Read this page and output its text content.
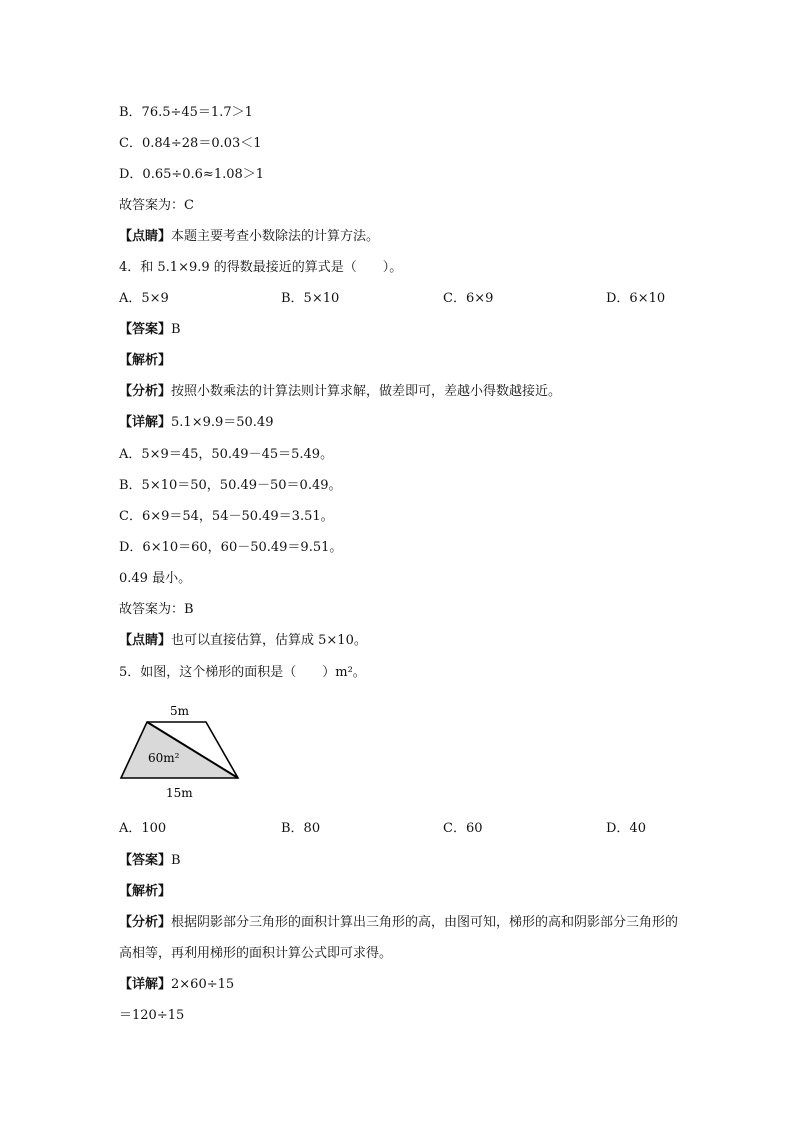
B．76.5÷45＝1.7＞1
C．0.84÷28＝0.03＜1
D．0.65÷0.6≈1.08＞1
故答案为：C
【点睛】本题主要考查小数除法的计算方法。
4．和 5.1×9.9 的得数最接近的算式是（　　）。
A．5×9	B．5×10	C．6×9	D．6×10
【答案】B
【解析】
【分析】按照小数乘法的计算法则计算求解，做差即可，差越小得数越接近。
【详解】5.1×9.9＝50.49
A．5×9＝45，50.49－45＝5.49。
B．5×10＝50，50.49－50＝0.49。
C．6×9＝54，54－50.49＝3.51。
D．6×10＝60，60－50.49＝9.51。
0.49 最小。
故答案为：B
【点睛】也可以直接估算，估算成 5×10。
5．如图，这个梯形的面积是（　　）m²。
5m
60m²
15m
A．100	B．80	C．60	D．40
【答案】B
【解析】
【分析】根据阴影部分三角形的面积计算出三角形的高，由图可知，梯形的高和阴影部分三角形的高相等，再利用梯形的面积计算公式即可求得。
【详解】2×60÷15
＝120÷15
